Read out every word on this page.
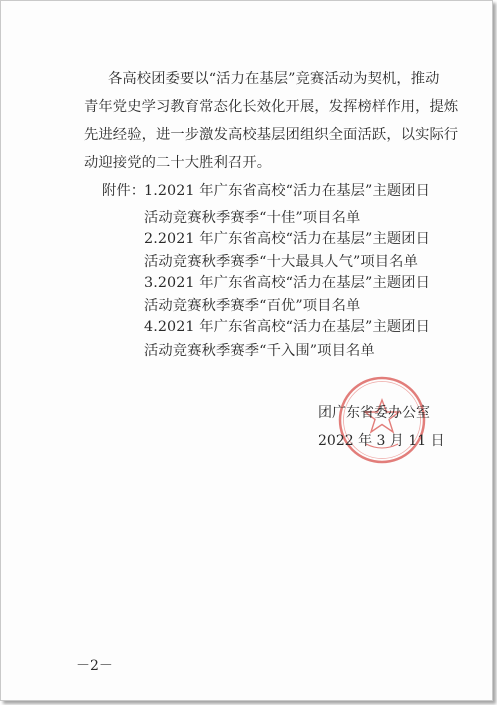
各高校团委要以“活力在基层”竞赛活动为契机，推动
青年党史学习教育常态化长效化开展，发挥榜样作用，提炼
先进经验，进一步激发高校基层团组织全面活跃，以实际行
动迎接党的二十大胜利召开。
附件：
1.2021 年广东省高校“活力在基层”主题团日
活动竞赛秋季赛季“十佳”项目名单
2.2021 年广东省高校“活力在基层”主题团日
活动竞赛秋季赛季“十大最具人气”项目名单
3.2021 年广东省高校“活力在基层”主题团日
活动竞赛秋季赛季“百优”项目名单
4.2021 年广东省高校“活力在基层”主题团日
活动竞赛秋季赛季“千入围”项目名单
团广东省委办公室
2022 年 3 月 11 日
－2－
